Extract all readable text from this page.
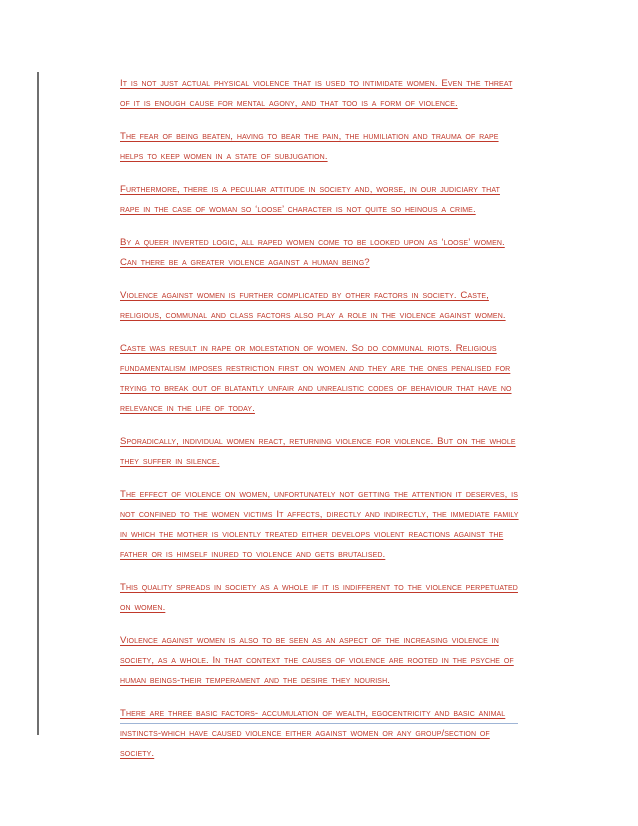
It is not just actual physical violence that is used to intimidate women. Even the threat of it is enough cause for mental agony, and that too is a form of violence.

The fear of being beaten, having to bear the pain, the humiliation and trauma of rape helps to keep women in a state of subjugation.

Furthermore, there is a peculiar attitude in society and, worse, in our judiciary that rape in the case of woman so ‘loose’ character is not quite so heinous a crime.

By a queer inverted logic, all raped women come to be looked upon as ‘loose’ women. Can there be a greater violence against a human being?

Violence against women is further complicated by other factors in society. Caste, religious, communal and class factors also play a role in the violence against women.

Caste was result in rape or molestation of women. So do communal riots. Religious fundamentalism imposes restriction first on women and they are the ones penalised for trying to break out of blatantly unfair and unrealistic codes of behaviour that have no relevance in the life of today.

Sporadically, individual women react, returning violence for violence. But on the whole they suffer in silence.

The effect of violence on women, unfortunately not getting the attention it deserves, is not confined to the women victims It affects, directly and indirectly, the immediate family in which the mother is violently treated either develops violent reactions against the father or is himself inured to violence and gets brutalised.

This quality spreads in society as a whole if it is indifferent to the violence perpetuated on women.

Violence against women is also to be seen as an aspect of the increasing violence in society, as a whole. In that context the causes of violence are rooted in the psyche of human beings-their temperament and the desire they nourish.

There are three basic factors- accumulation of wealth, egocentricity and basic animal instincts-which have caused violence either against women or any group/section of society.
